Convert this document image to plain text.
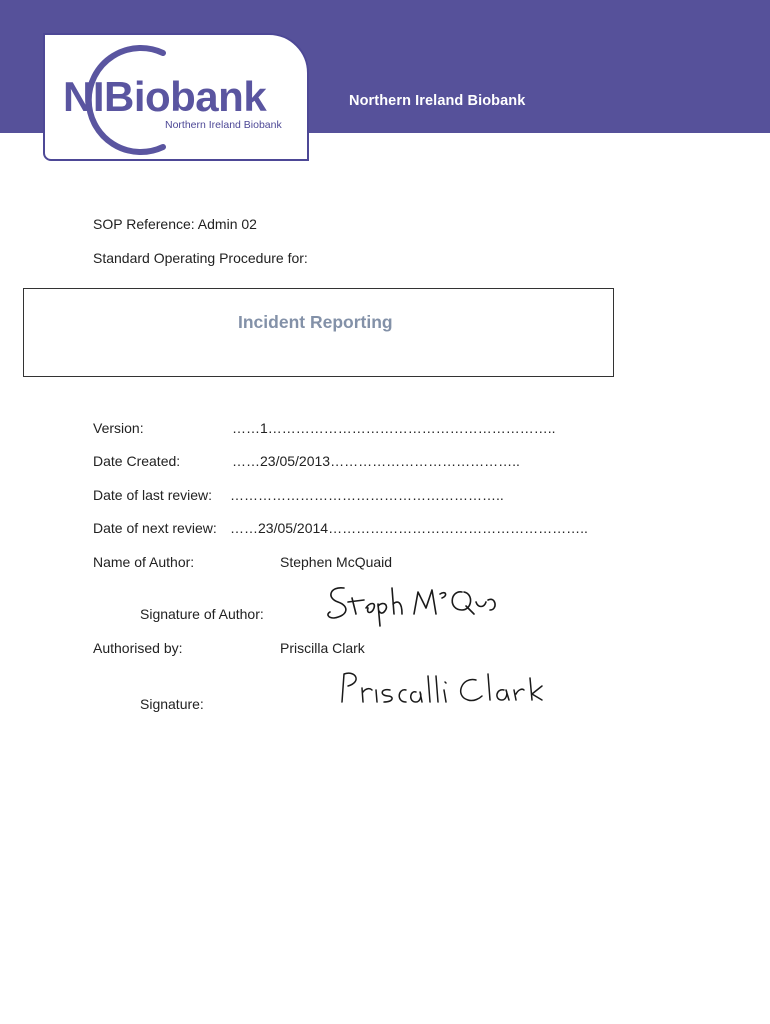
Northern Ireland Biobank
NIBiobank
Northern Ireland Biobank
SOP Reference: Admin 02
Standard Operating Procedure for:
Incident Reporting
Version:	……1……………………………………………………..
Date Created:	……23/05/2013…………………………………..
Date of last review: …………………………………………………..
Date of next review: ……23/05/2014………………………………………………..
Name of Author:	Stephen McQuaid
Signature of Author:
Authorised by:	Priscilla Clark
Signature:
